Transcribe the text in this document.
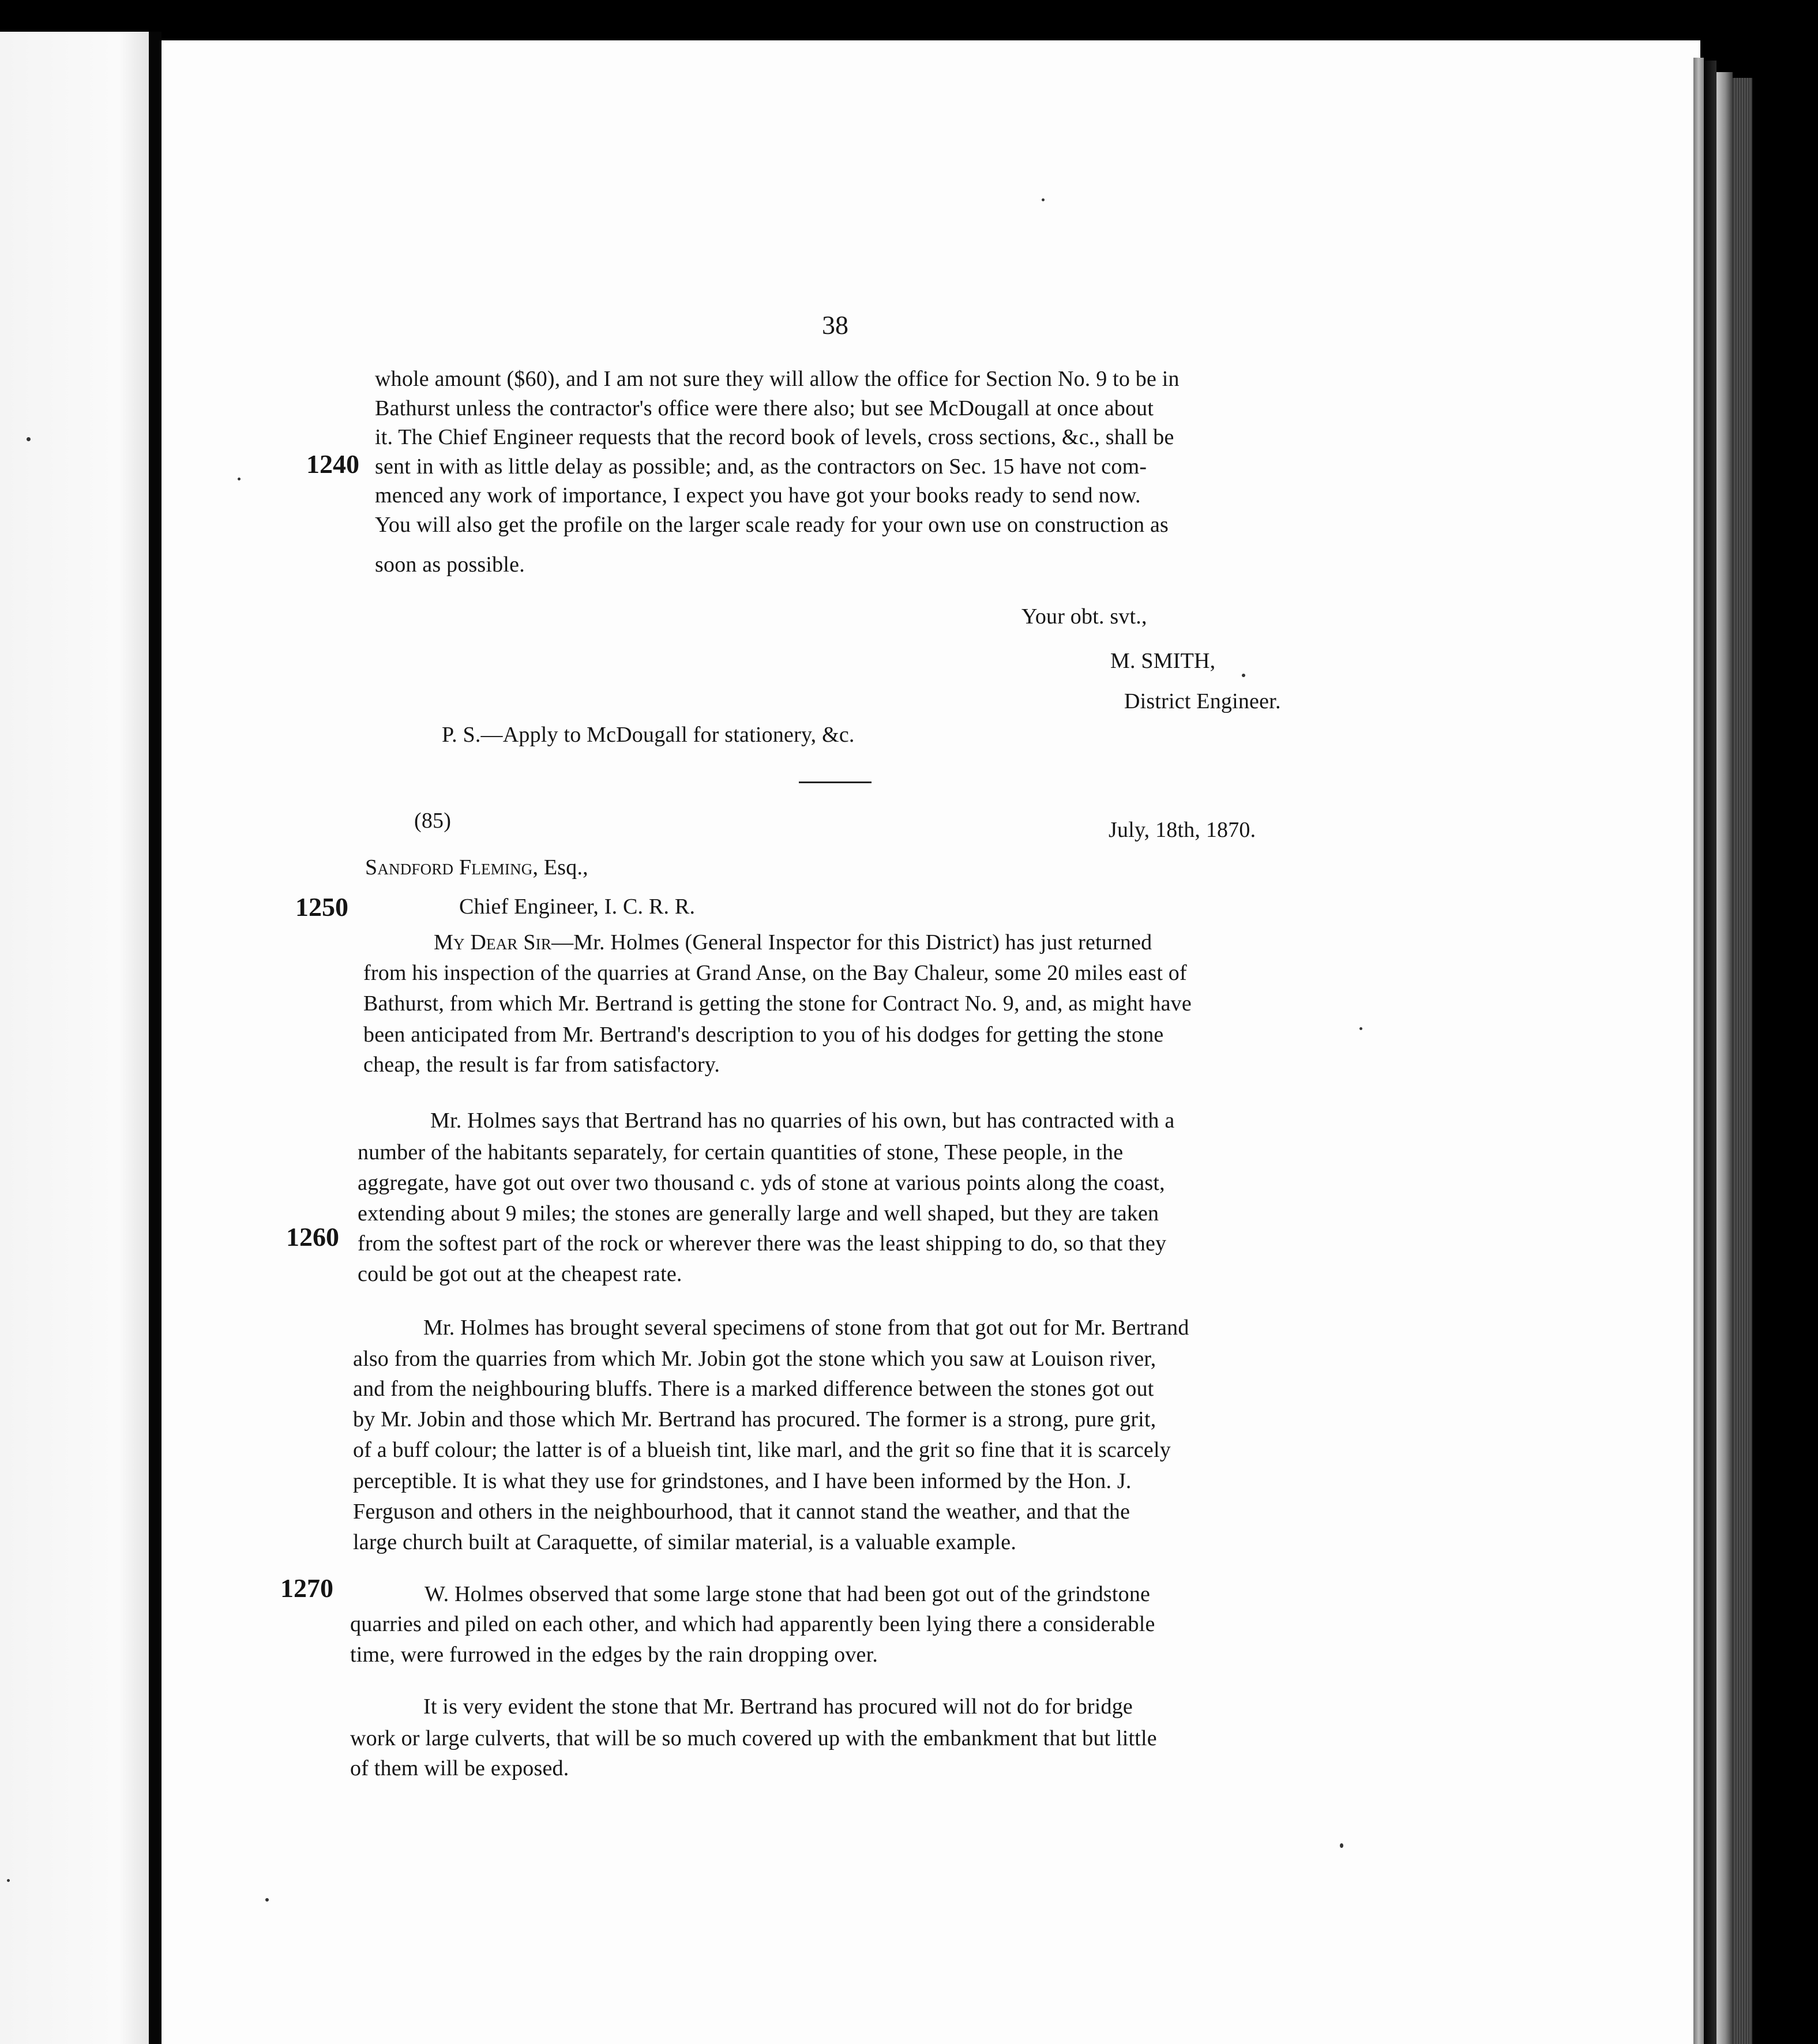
38
1240
1250
1260
1270
whole amount ($60), and I am not sure they will allow the office for Section No. 9 to be in
Bathurst unless the contractor's office were there also; but see McDougall at once about
it. The Chief Engineer requests that the record book of levels, cross sections, &c., shall be
sent in with as little delay as possible; and, as the contractors on Sec. 15 have not com-
menced any work of importance, I expect you have got your books ready to send now.
You will also get the profile on the larger scale ready for your own use on construction as
soon as possible.
Your obt. svt.,
M. SMITH,
District Engineer.
P. S.—Apply to McDougall for stationery, &c.
(85)	July, 18th, 1870.
Sandford Fleming, Esq.,
Chief Engineer, I. C. R. R.
My Dear Sir—Mr. Holmes (General Inspector for this District) has just returned
from his inspection of the quarries at Grand Anse, on the Bay Chaleur, some 20 miles east of
Bathurst, from which Mr. Bertrand is getting the stone for Contract No. 9, and, as might have
been anticipated from Mr. Bertrand's description to you of his dodges for getting the stone
cheap, the result is far from satisfactory.
Mr. Holmes says that Bertrand has no quarries of his own, but has contracted with a
number of the habitants separately, for certain quantities of stone, These people, in the
aggregate, have got out over two thousand c. yds of stone at various points along the coast,
extending about 9 miles; the stones are generally large and well shaped, but they are taken
from the softest part of the rock or wherever there was the least shipping to do, so that they
could be got out at the cheapest rate.
Mr. Holmes has brought several specimens of stone from that got out for Mr. Bertrand
also from the quarries from which Mr. Jobin got the stone which you saw at Louison river,
and from the neighbouring bluffs. There is a marked difference between the stones got out
by Mr. Jobin and those which Mr. Bertrand has procured. The former is a strong, pure grit,
of a buff colour; the latter is of a blueish tint, like marl, and the grit so fine that it is scarcely
perceptible. It is what they use for grindstones, and I have been informed by the Hon. J.
Ferguson and others in the neighbourhood, that it cannot stand the weather, and that the
large church built at Caraquette, of similar material, is a valuable example.
W. Holmes observed that some large stone that had been got out of the grindstone
quarries and piled on each other, and which had apparently been lying there a considerable
time, were furrowed in the edges by the rain dropping over.
It is very evident the stone that Mr. Bertrand has procured will not do for bridge
work or large culverts, that will be so much covered up with the embankment that but little
of them will be exposed.
